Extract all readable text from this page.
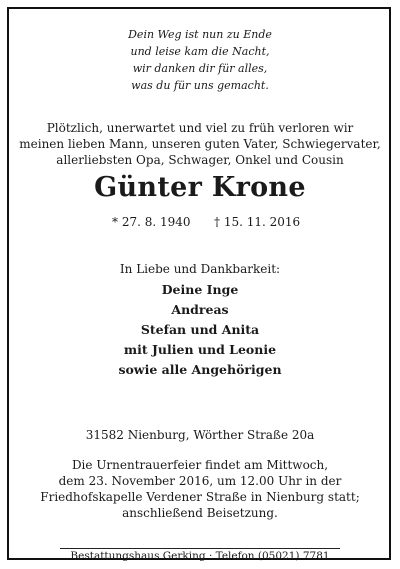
Dein Weg ist nun zu Ende
und leise kam die Nacht,
wir danken dir für alles,
was du für uns gemacht.
Plötzlich, unerwartet und viel zu früh verloren wir
meinen lieben Mann, unseren guten Vater, Schwiegervater,
allerliebsten Opa, Schwager, Onkel und Cousin
Günter Krone
* 27. 8. 1940 † 15. 11. 2016
In Liebe und Dankbarkeit:
Deine Inge
Andreas
Stefan und Anita
mit Julien und Leonie
sowie alle Angehörigen
31582 Nienburg, Wörther Straße 20a
Die Urnentrauerfeier findet am Mittwoch,
dem 23. November 2016, um 12.00 Uhr in der
Friedhofskapelle Verdener Straße in Nienburg statt;
anschließend Beisetzung.
Bestattungshaus Gerking · Telefon (05021) 7781
